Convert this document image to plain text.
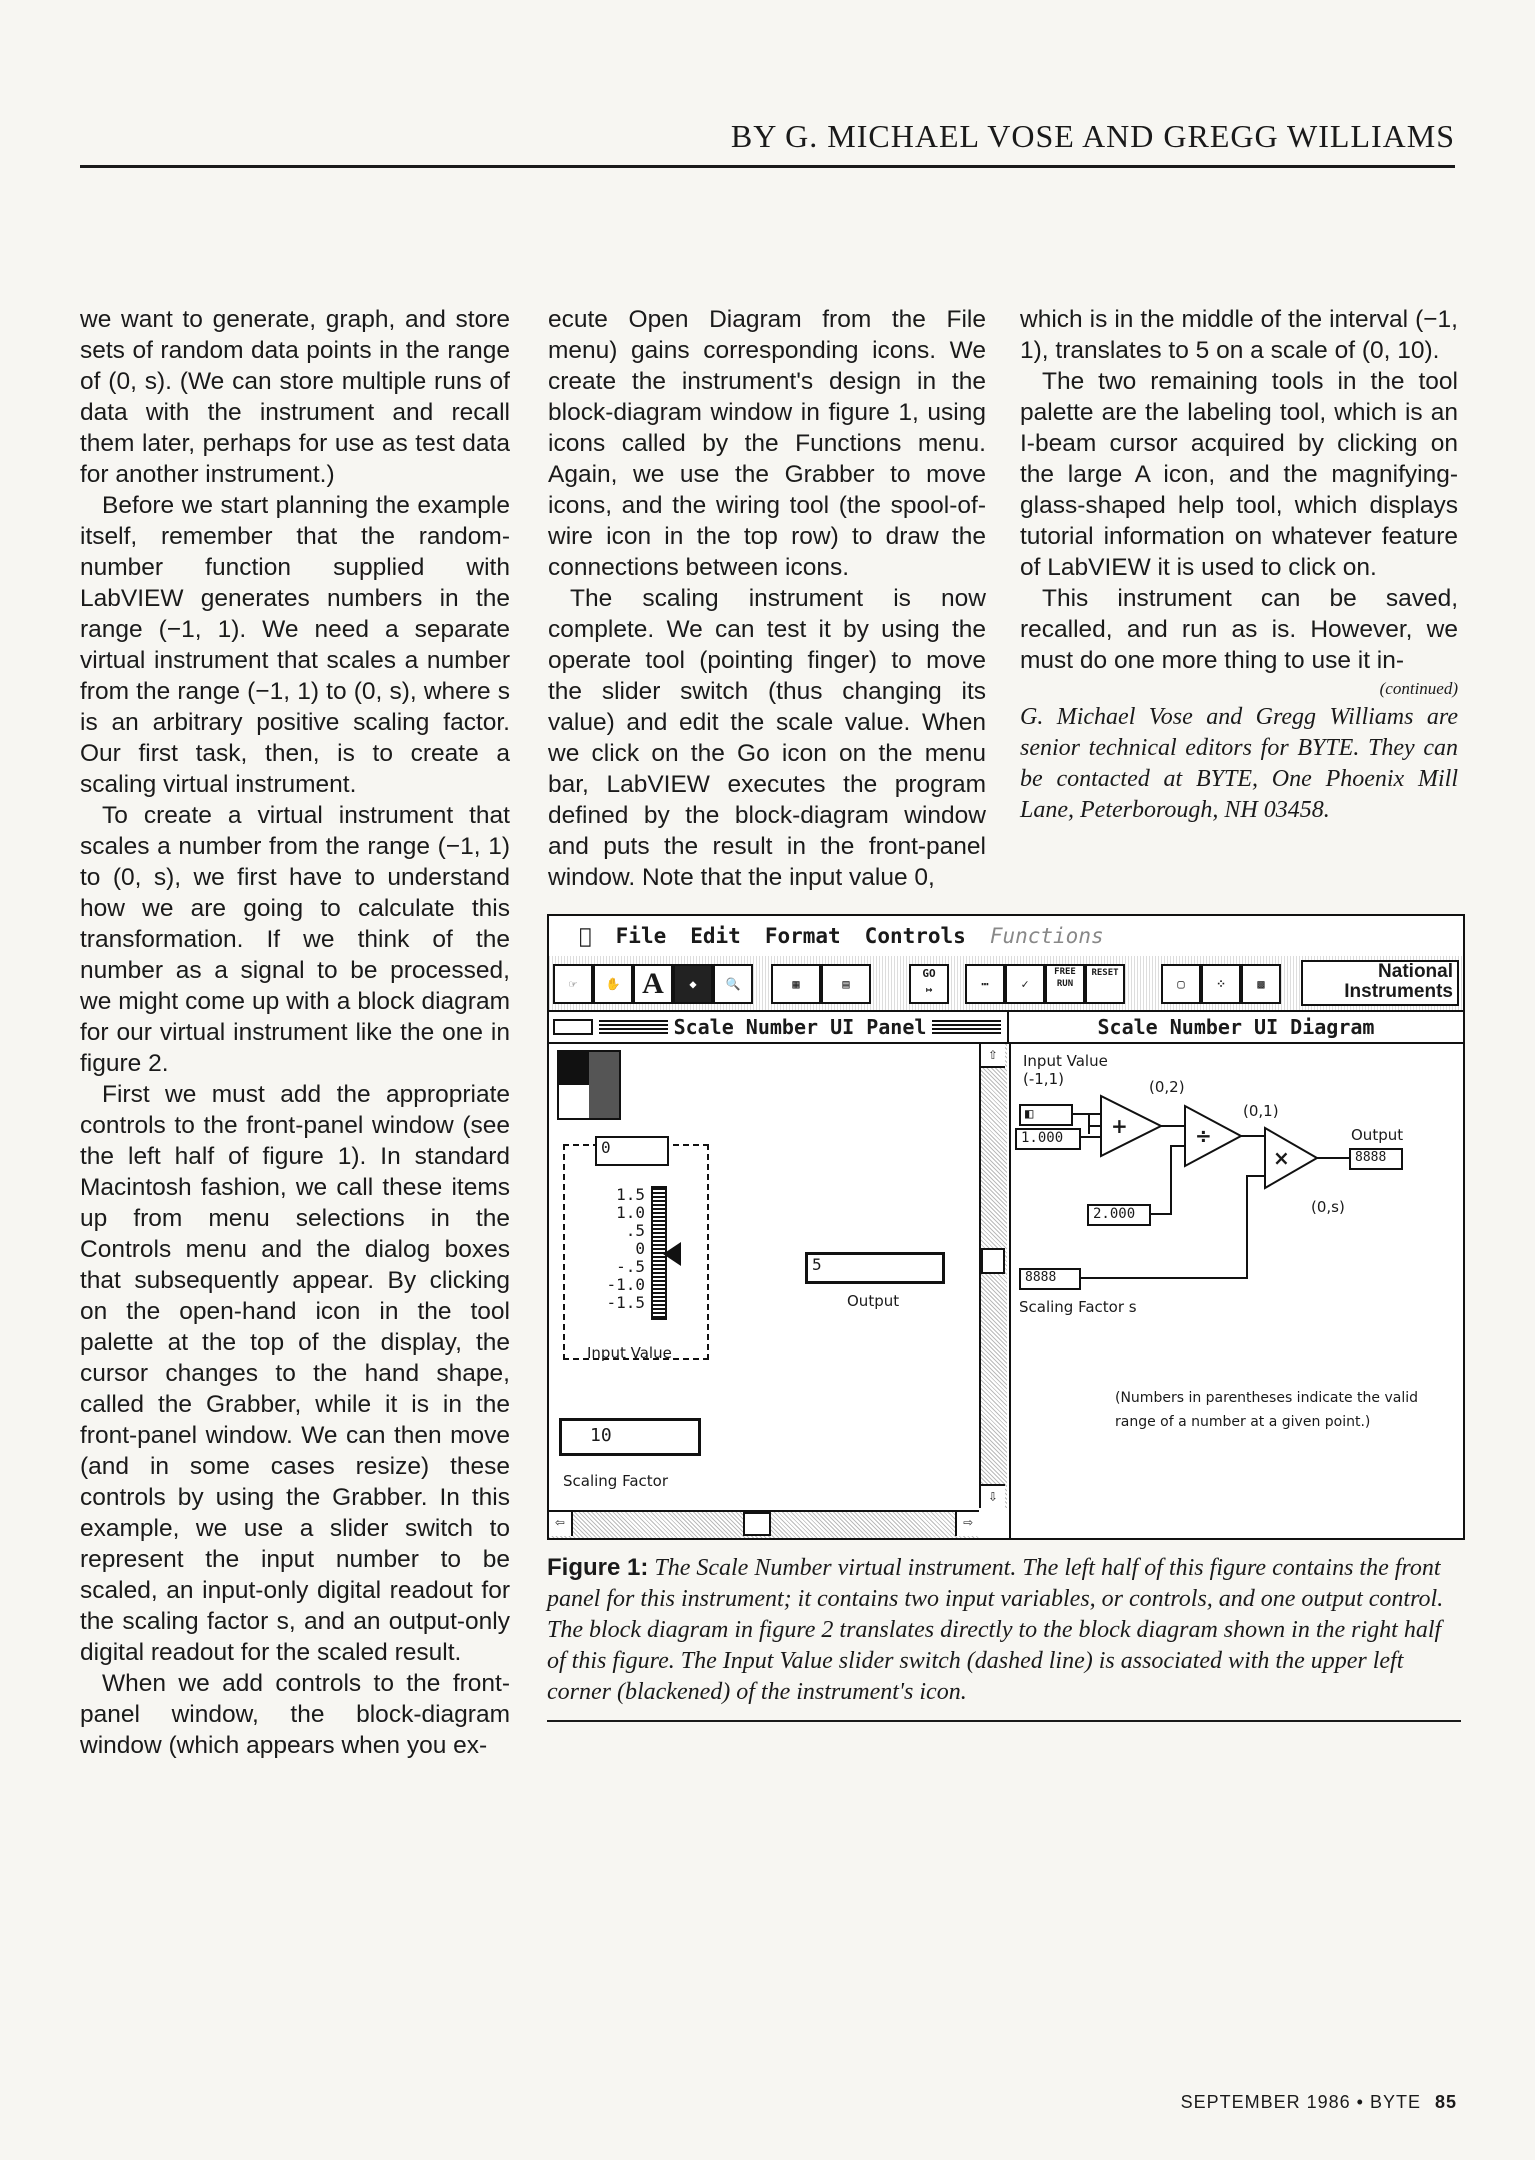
BY G. MICHAEL VOSE AND GREGG WILLIAMS

we want to generate, graph, and store sets of random data points in the range of (0, s). (We can store multiple runs of data with the instrument and recall them later, perhaps for use as test data for another instrument.)

Before we start planning the example itself, remember that the random-number function supplied with LabVIEW generates numbers in the range (−1, 1). We need a separate virtual instrument that scales a number from the range (−1, 1) to (0, s), where s is an arbitrary positive scaling factor. Our first task, then, is to create a scaling virtual instrument.

To create a virtual instrument that scales a number from the range (−1, 1) to (0, s), we first have to understand how we are going to calculate this transformation. If we think of the number as a signal to be processed, we might come up with a block diagram for our virtual instrument like the one in figure 2.

First we must add the appropriate controls to the front-panel window (see the left half of figure 1). In standard Macintosh fashion, we call these items up from menu selections in the Controls menu and the dialog boxes that subsequently appear. By clicking on the open-hand icon in the tool palette at the top of the display, the cursor changes to the hand shape, called the Grabber, while it is in the front-panel window. We can then move (and in some cases resize) these controls by using the Grabber. In this example, we use a slider switch to represent the input number to be scaled, an input-only digital readout for the scaling factor s, and an output-only digital readout for the scaled result.

When we add controls to the front-panel window, the block-diagram window (which appears when you ex-

ecute Open Diagram from the File menu) gains corresponding icons. We create the instrument's design in the block-diagram window in figure 1, using icons called by the Functions menu. Again, we use the Grabber to move icons, and the wiring tool (the spool-of-wire icon in the top row) to draw the connections between icons.

The scaling instrument is now complete. We can test it by using the operate tool (pointing finger) to move the slider switch (thus changing its value) and edit the scale value. When we click on the Go icon on the menu bar, LabVIEW executes the program defined by the block-diagram window and puts the result in the front-panel window. Note that the input value 0,

which is in the middle of the interval (−1, 1), translates to 5 on a scale of (0, 10).

The two remaining tools in the tool palette are the labeling tool, which is an I-beam cursor acquired by clicking on the large A icon, and the magnifying-glass-shaped help tool, which displays tutorial information on whatever feature of LabVIEW it is used to click on.

This instrument can be saved, recalled, and run as is. However, we must do one more thing to use it in-

(continued)
G. Michael Vose and Gregg Williams are senior technical editors for BYTE. They can be contacted at BYTE, One Phoenix Mill Lane, Peterborough, NH 03458.
File Edit Format Controls Functions
☞	✋ A	◆	🔍	▦	▤
GO
↦	⋯	✓
FREE RUN
RESET
▢	⁘	▩
National
Instruments
Scale Number UI Panel	Scale Number UI Diagram
0
1.5
1.0
.5
0
-.5
-1.0
-1.5
Input Value
5
Output
10
Scaling Factor
⇧
⇩
⇦	⇨
Input Value
(-1,1)
◧
1.000	+
(0,2)
÷
(0,1)
2.000
×
Output
8888
(0,s)
8888
Scaling Factor s
(Numbers in parentheses indicate the valid range of a number at a given point.)
Figure 1: The Scale Number virtual instrument. The left half of this figure contains the front panel for this instrument; it contains two input variables, or controls, and one output control. The block diagram in figure 2 translates directly to the block diagram shown in the right half of this figure. The Input Value slider switch (dashed line) is associated with the upper left corner (blackened) of the instrument's icon.
SEPTEMBER 1986 • BYTE 85
